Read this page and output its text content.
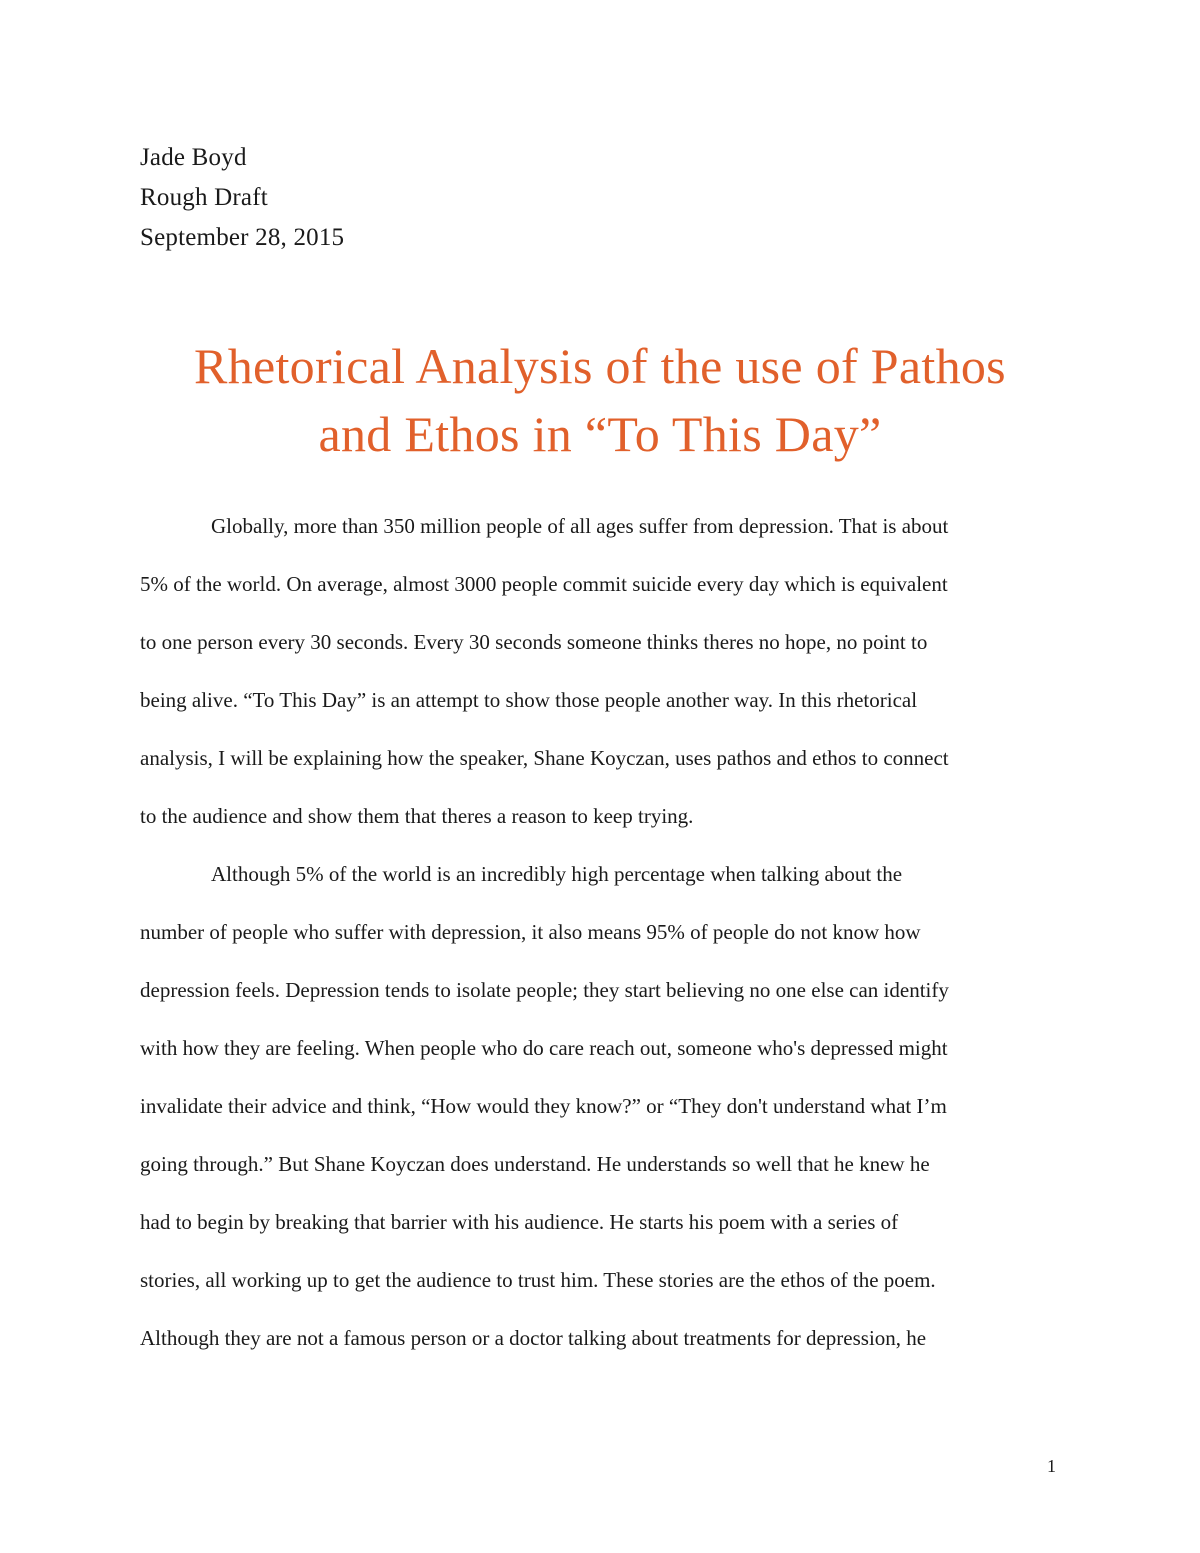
Jade Boyd
Rough Draft
September 28, 2015
Rhetorical Analysis of the use of Pathos
and Ethos in “To This Day”
Globally, more than 350 million people of all ages suffer from depression. That is about
5% of the world. On average, almost 3000 people commit suicide every day which is equivalent
to one person every 30 seconds. Every 30 seconds someone thinks theres no hope, no point to
being alive. “To This Day” is an attempt to show those people another way. In this rhetorical
analysis, I will be explaining how the speaker, Shane Koyczan, uses pathos and ethos to connect
to the audience and show them that theres a reason to keep trying.
Although 5% of the world is an incredibly high percentage when talking about the
number of people who suffer with depression, it also means 95% of people do not know how
depression feels. Depression tends to isolate people; they start believing no one else can identify
with how they are feeling. When people who do care reach out, someone who's depressed might
invalidate their advice and think, “How would they know?” or “They don't understand what I’m
going through.” But Shane Koyczan does understand. He understands so well that he knew he
had to begin by breaking that barrier with his audience. He starts his poem with a series of
stories, all working up to get the audience to trust him. These stories are the ethos of the poem.
Although they are not a famous person or a doctor talking about treatments for depression, he
1
